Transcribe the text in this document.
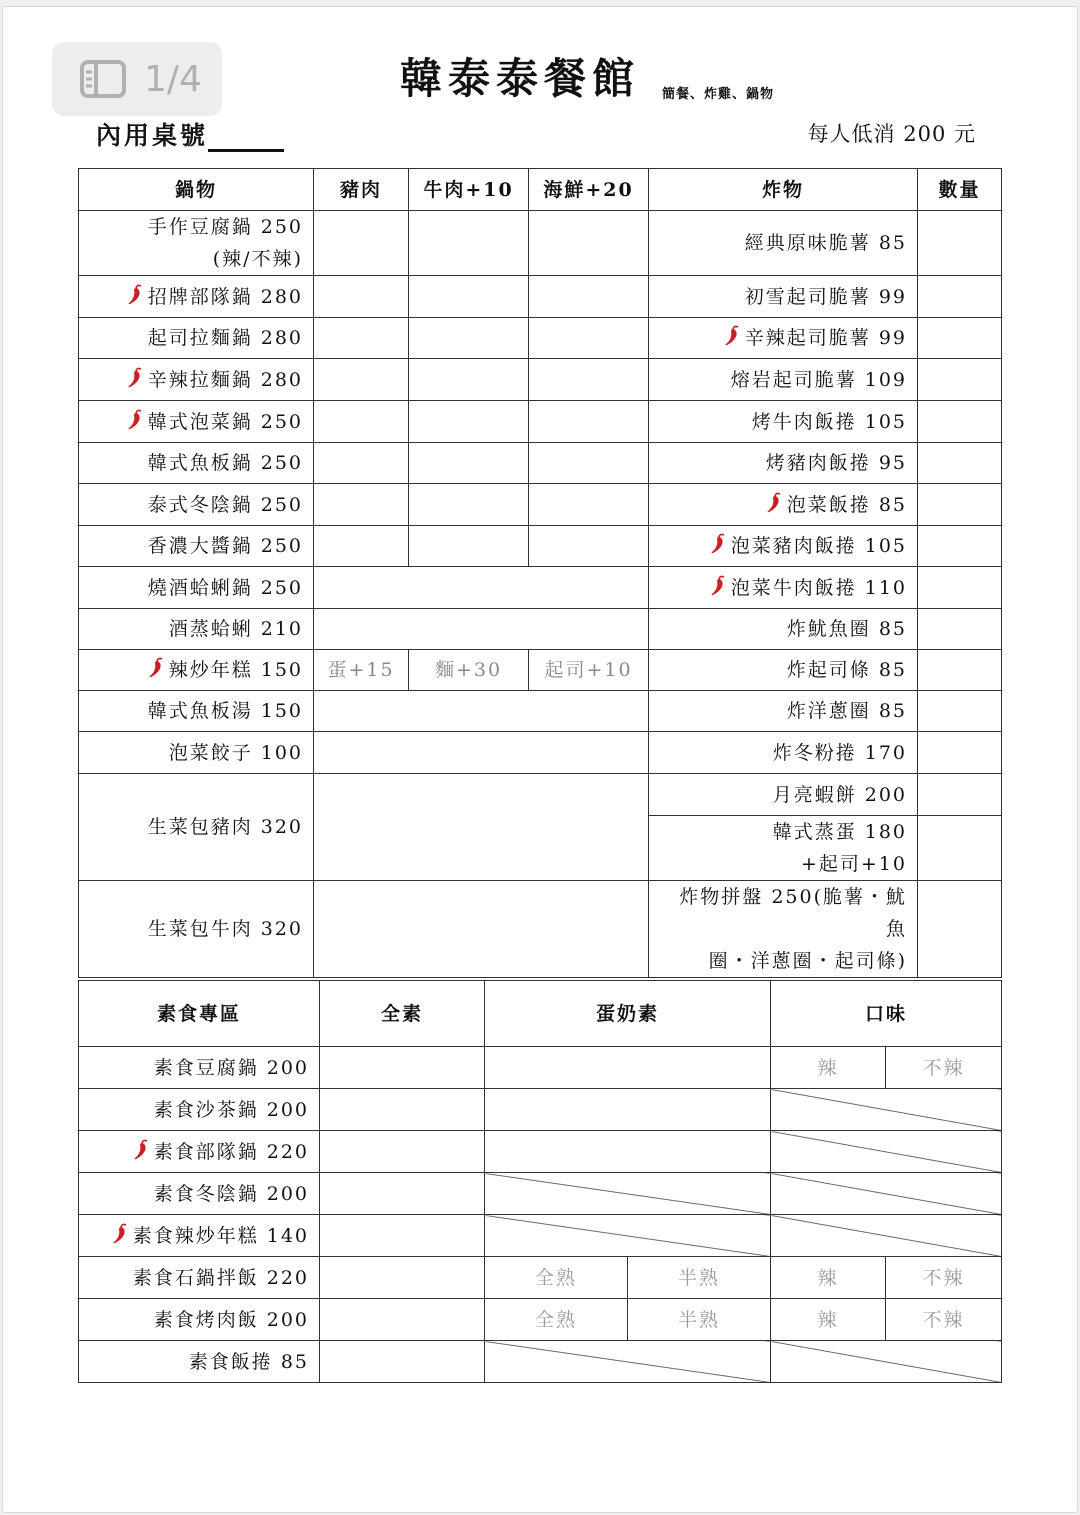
1/4	韓泰泰餐館 簡餐、炸雞、鍋物
內用桌號	每人低消 200 元
鍋物	豬肉	牛肉+10	海鮮+20	炸物	數量

手作豆腐鍋 250
(辣/不辣)				經典原味脆薯 85	

招牌部隊鍋 280				初雪起司脆薯 99	

起司拉麵鍋 280				辛辣起司脆薯 99	

辛辣拉麵鍋 280				熔岩起司脆薯 109	

韓式泡菜鍋 250				烤牛肉飯捲 105	

韓式魚板鍋 250				烤豬肉飯捲 95	

泰式冬陰鍋 250				泡菜飯捲 85	

香濃大醬鍋 250				泡菜豬肉飯捲 105	

燒酒蛤蜊鍋 250				泡菜牛肉飯捲 110	

酒蒸蛤蜊 210				炸魷魚圈 85	

辣炒年糕 150	蛋+15	麵+30	起司+10	炸起司條 85	

韓式魚板湯 150				炸洋蔥圈 85	

泡菜餃子 100				炸冬粉捲 170	

生菜包豬肉 320				月亮蝦餅 200	

				韓式蒸蛋 180
+起司+10	

生菜包牛肉 320				炸物拼盤 250(脆薯・魷魚
圈・洋蔥圈・起司條)	

素食專區	全素	蛋奶素		口味	

素食豆腐鍋 200				辣	不辣

素食沙茶鍋 200					

素食部隊鍋 220					

素食冬陰鍋 200					

素食辣炒年糕 140					

素食石鍋拌飯 220		全熟	半熟	辣	不辣

素食烤肉飯 200		全熟	半熟	辣	不辣

素食飯捲 85					
